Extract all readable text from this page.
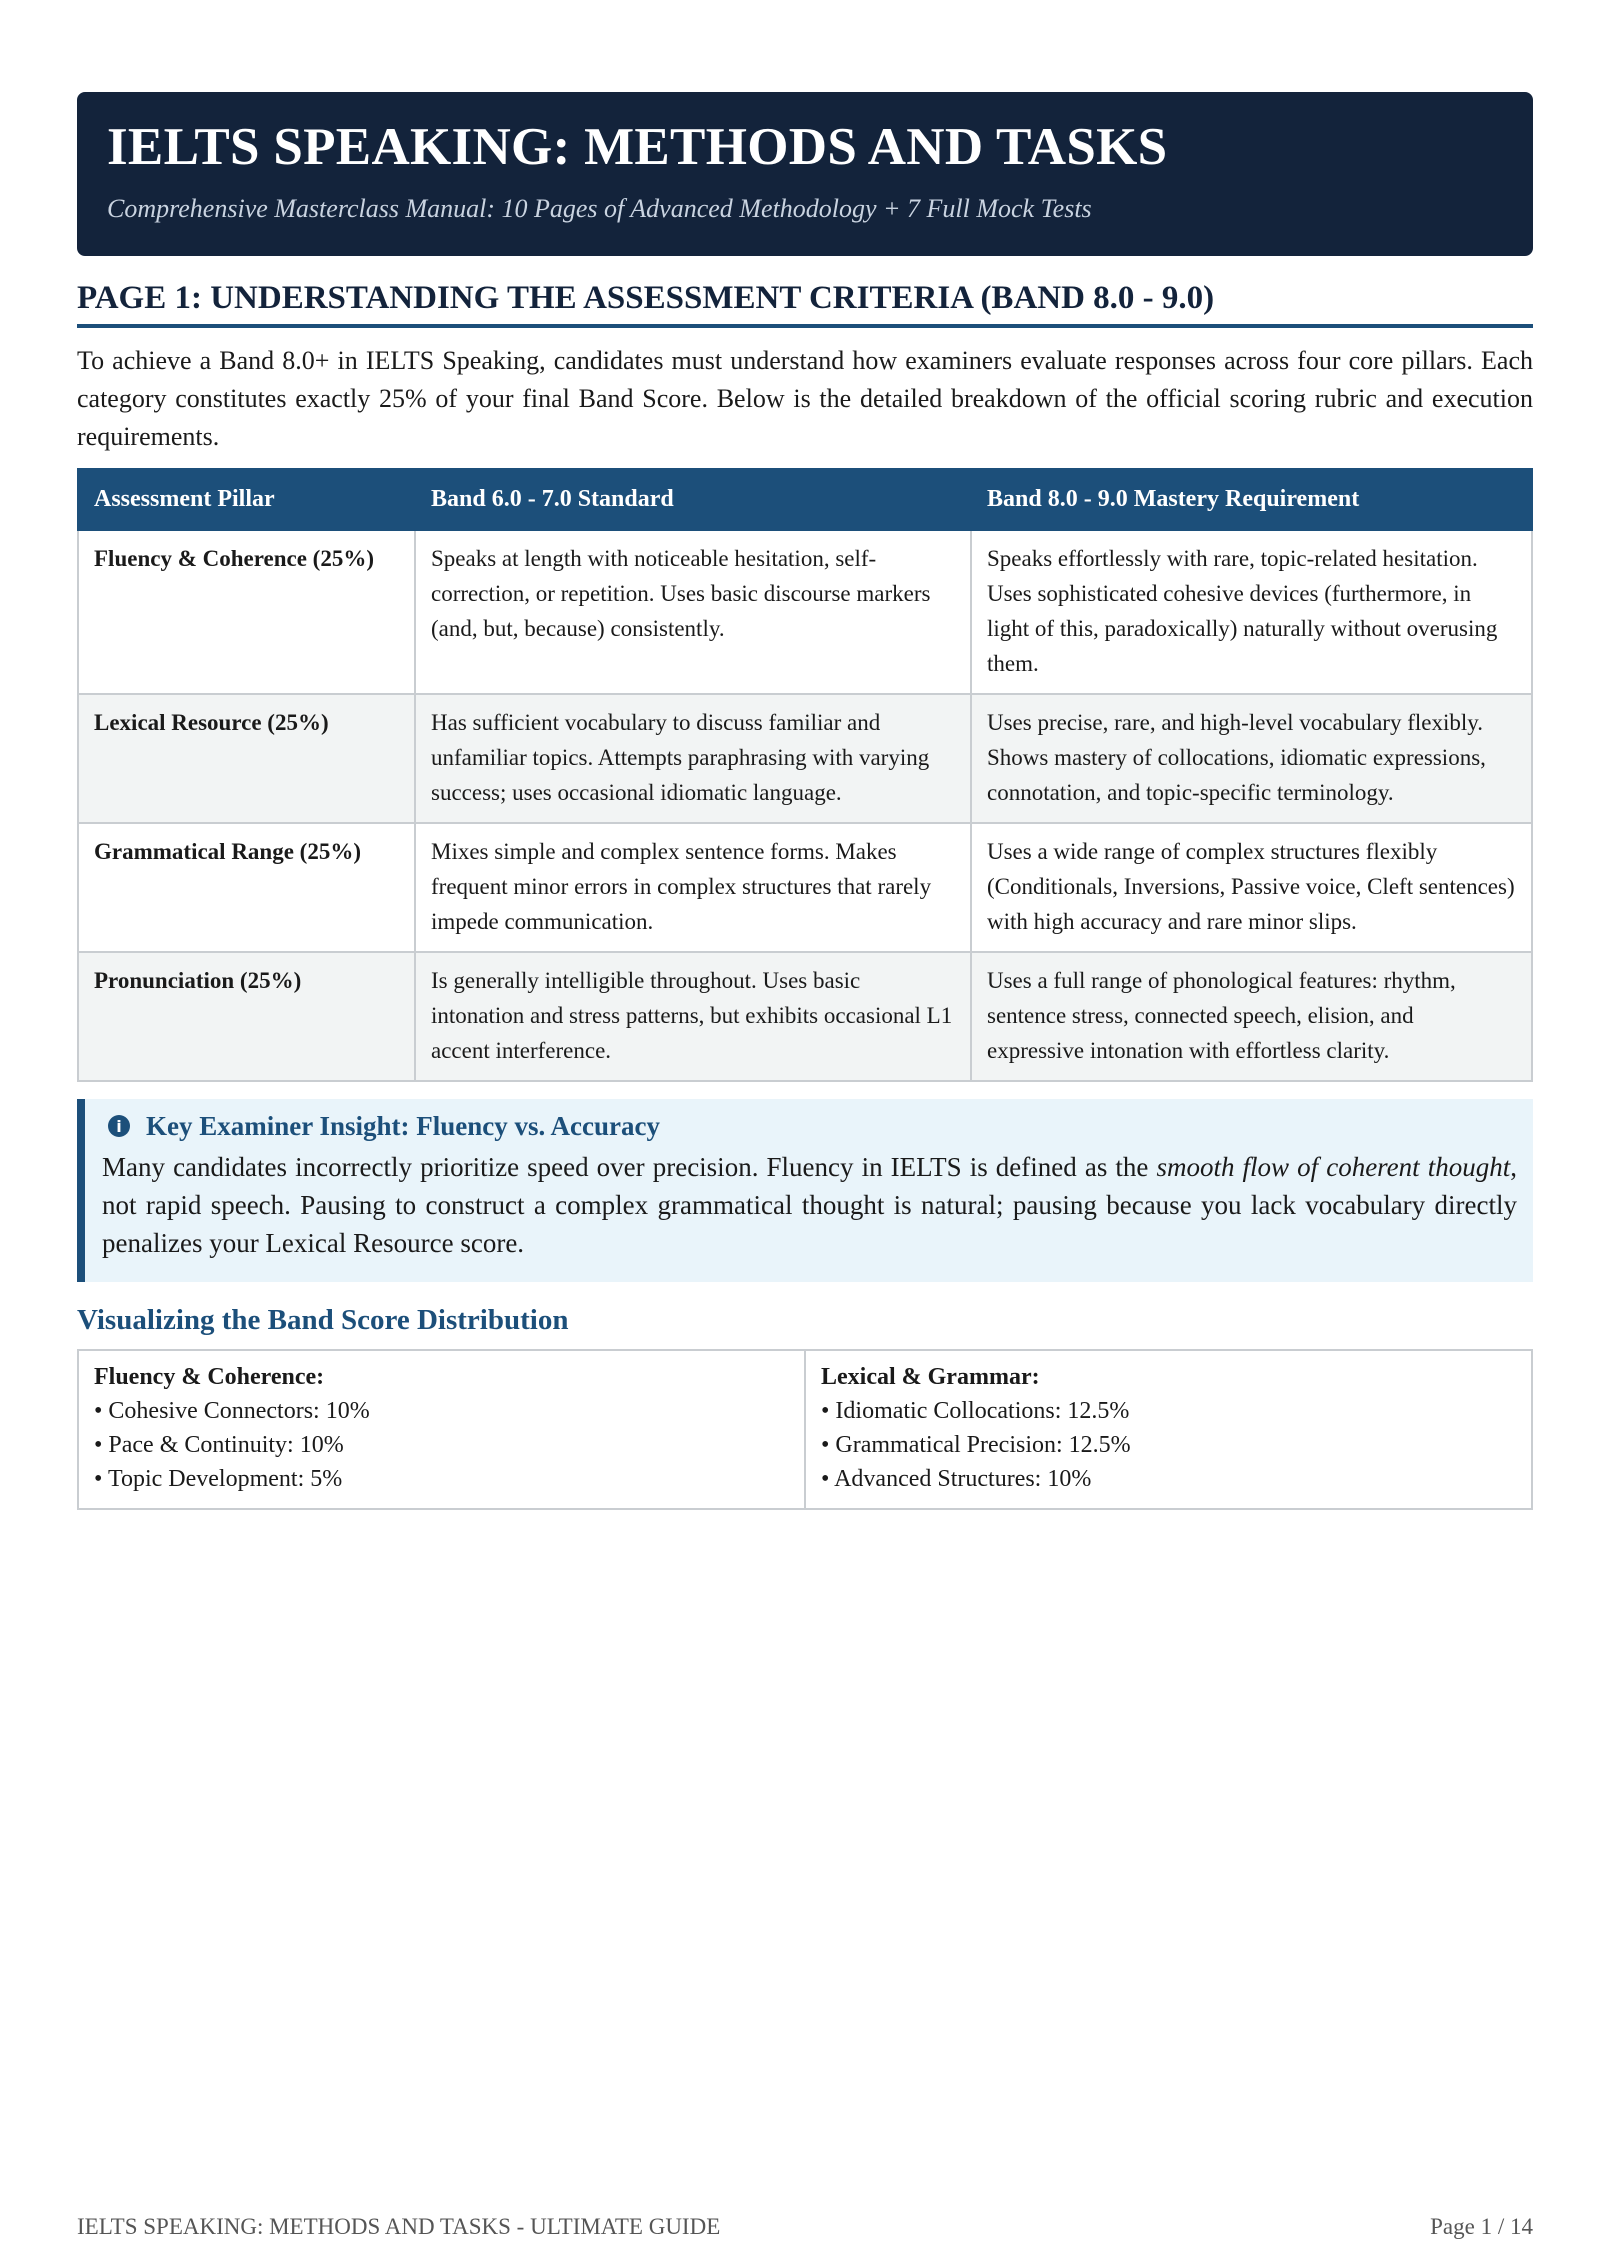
IELTS SPEAKING: METHODS AND TASKS
Comprehensive Masterclass Manual: 10 Pages of Advanced Methodology + 7 Full Mock Tests
PAGE 1: UNDERSTANDING THE ASSESSMENT CRITERIA (BAND 8.0 - 9.0)
To achieve a Band 8.0+ in IELTS Speaking, candidates must understand how examiners evaluate responses across four core pillars. Each category constitutes exactly 25% of your final Band Score. Below is the detailed breakdown of the official scoring rubric and execution requirements.
Assessment Pillar	Band 6.0 - 7.0 Standard	Band 8.0 - 9.0 Mastery Requirement
Fluency & Coherence (25%)	Speaks at length with noticeable hesitation, self-correction, or repetition. Uses basic discourse markers (and, but, because) consistently.	Speaks effortlessly with rare, topic-related hesitation. Uses sophisticated cohesive devices (furthermore, in light of this, paradoxically) naturally without overusing them.
Lexical Resource (25%)	Has sufficient vocabulary to discuss familiar and unfamiliar topics. Attempts paraphrasing with varying success; uses occasional idiomatic language.	Uses precise, rare, and high-level vocabulary flexibly. Shows mastery of collocations, idiomatic expressions, connotation, and topic-specific terminology.
Grammatical Range (25%)	Mixes simple and complex sentence forms. Makes frequent minor errors in complex structures that rarely impede communication.	Uses a wide range of complex structures flexibly (Conditionals, Inversions, Passive voice, Cleft sentences) with high accuracy and rare minor slips.
Pronunciation (25%)	Is generally intelligible throughout. Uses basic intonation and stress patterns, but exhibits occasional L1 accent interference.	Uses a full range of phonological features: rhythm, sentence stress, connected speech, elision, and expressive intonation with effortless clarity.
i Key Examiner Insight: Fluency vs. Accuracy
Many candidates incorrectly prioritize speed over precision. Fluency in IELTS is defined as the smooth flow of coherent thought, not rapid speech. Pausing to construct a complex grammatical thought is natural; pausing because you lack vocabulary directly penalizes your Lexical Resource score.
Visualizing the Band Score Distribution
Fluency & Coherence:
• Cohesive Connectors: 10%
• Pace & Continuity: 10%
• Topic Development: 5%
Lexical & Grammar:
• Idiomatic Collocations: 12.5%
• Grammatical Precision: 12.5%
• Advanced Structures: 10%
IELTS SPEAKING: METHODS AND TASKS - ULTIMATE GUIDE	Page 1 / 14
